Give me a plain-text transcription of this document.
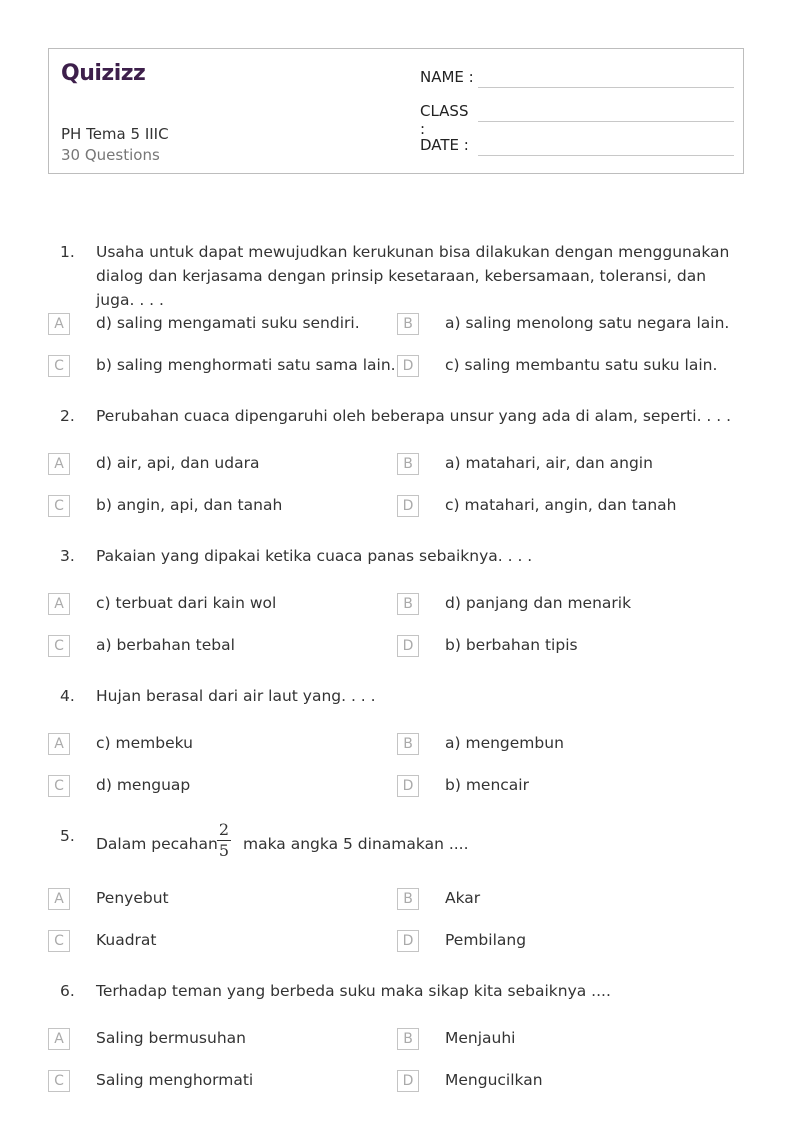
Quizizz
PH Tema 5 IIIC
30 Questions
NAME :
CLASS :
DATE :
1.	Usaha untuk dapat mewujudkan kerukunan bisa dilakukan dengan menggunakan dialog dan kerjasama dengan prinsip kesetaraan, kebersamaan, toleransi, dan juga. . . .
A	d) saling mengamati suku sendiri.	B	a) saling menolong satu negara lain.
C	b) saling menghormati satu sama lain. D	c) saling membantu satu suku lain.
2.	Perubahan cuaca dipengaruhi oleh beberapa unsur yang ada di alam, seperti. . . .
A	d) air, api, dan udara	B	a) matahari, air, dan angin
C	b) angin, api, dan tanah	D	c) matahari, angin, dan tanah
3.	Pakaian yang dipakai ketika cuaca panas sebaiknya. . . .
A	c) terbuat dari kain wol	B	d) panjang dan menarik
C	a) berbahan tebal	D	b) berbahan tipis
4.	Hujan berasal dari air laut yang. . . .
A	c) membeku	B	a) mengembun
C	d) menguap	D	b) mencair
5.	Dalam pecahan
2
5 maka angka 5 dinamakan ....
A	Penyebut	B	Akar
C	Kuadrat	D	Pembilang
6.	Terhadap teman yang berbeda suku maka sikap kita sebaiknya ....
A	Saling bermusuhan	B	Menjauhi
C	Saling menghormati	D	Mengucilkan
